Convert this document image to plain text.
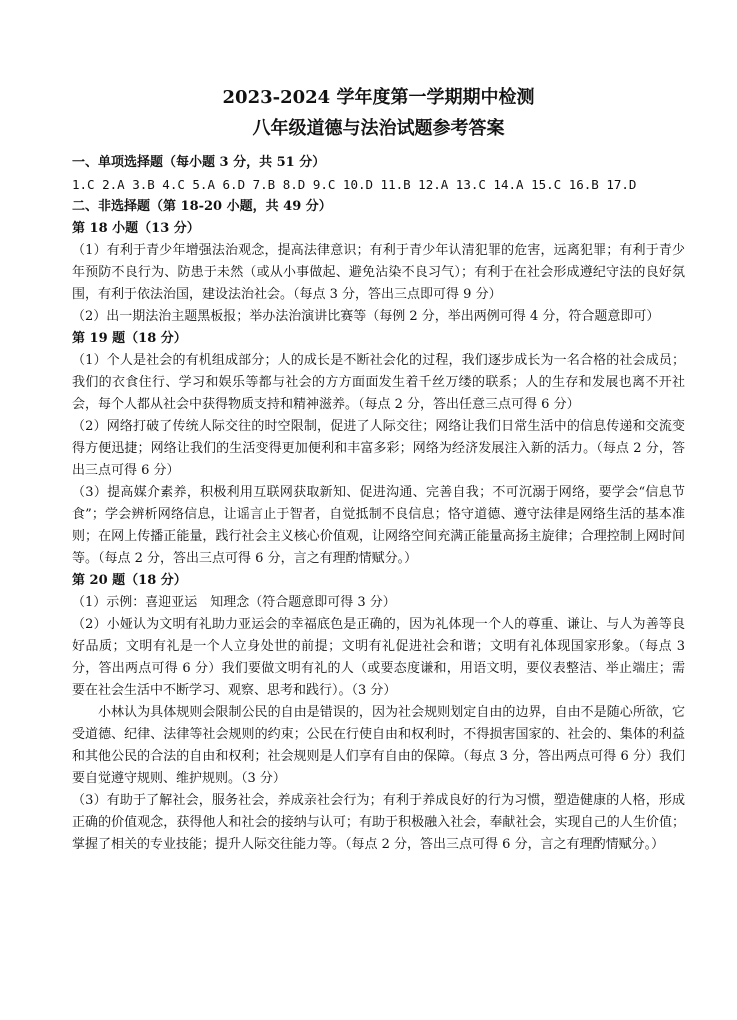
2023-2024 学年度第一学期期中检测
八年级道德与法治试题参考答案
一、单项选择题（每小题 3 分，共 51 分）
1.C 2.A 3.B 4.C 5.A 6.D 7.B 8.D 9.C 10.D 11.B 12.A 13.C 14.A 15.C 16.B 17.D
二、非选择题（第 18-20 小题，共 49 分）
第 18 小题（13 分）

（1）有利于青少年增强法治观念，提高法律意识；有利于青少年认清犯罪的危害，远离犯罪；有利于青少年预防不良行为、防患于未然（或从小事做起、避免沾染不良习气）；有利于在社会形成遵纪守法的良好氛围，有利于依法治国，建设法治社会。（每点 3 分，答出三点即可得 9 分）

（2）出一期法治主题黑板报；举办法治演讲比赛等（每例 2 分，举出两例可得 4 分，符合题意即可）

第 19 题（18 分）

（1）个人是社会的有机组成部分；人的成长是不断社会化的过程，我们逐步成长为一名合格的社会成员；我们的衣食住行、学习和娱乐等都与社会的方方面面发生着千丝万缕的联系；人的生存和发展也离不开社会，每个人都从社会中获得物质支持和精神滋养。（每点 2 分，答出任意三点可得 6 分）

（2）网络打破了传统人际交往的时空限制，促进了人际交往；网络让我们日常生活中的信息传递和交流变得方便迅捷；网络让我们的生活变得更加便利和丰富多彩；网络为经济发展注入新的活力。（每点 2 分，答出三点可得 6 分）

（3）提高媒介素养，积极利用互联网获取新知、促进沟通、完善自我；不可沉溺于网络，要学会“信息节食”；学会辨析网络信息，让谣言止于智者，自觉抵制不良信息；恪守道德、遵守法律是网络生活的基本准则；在网上传播正能量，践行社会主义核心价值观，让网络空间充满正能量高扬主旋律；合理控制上网时间等。（每点 2 分，答出三点可得 6 分，言之有理酌情赋分。）

第 20 题（18 分）

（1）示例：喜迎亚运　知理念（符合题意即可得 3 分）

（2）小娅认为文明有礼助力亚运会的幸福底色是正确的，因为礼体现一个人的尊重、谦让、与人为善等良好品质；文明有礼是一个人立身处世的前提；文明有礼促进社会和谐；文明有礼体现国家形象。（每点 3 分，答出两点可得 6 分）我们要做文明有礼的人（或要态度谦和，用语文明，要仪表整洁、举止端庄；需要在社会生活中不断学习、观察、思考和践行）。（3 分）

小林认为具体规则会限制公民的自由是错误的，因为社会规则划定自由的边界，自由不是随心所欲，它受道德、纪律、法律等社会规则的约束；公民在行使自由和权利时，不得损害国家的、社会的、集体的利益和其他公民的合法的自由和权利；社会规则是人们享有自由的保障。（每点 3 分，答出两点可得 6 分）我们要自觉遵守规则、维护规则。（3 分）

（3）有助于了解社会，服务社会，养成亲社会行为；有利于养成良好的行为习惯，塑造健康的人格，形成正确的价值观念，获得他人和社会的接纳与认可；有助于积极融入社会，奉献社会，实现自己的人生价值；掌握了相关的专业技能；提升人际交往能力等。（每点 2 分，答出三点可得 6 分，言之有理酌情赋分。）
